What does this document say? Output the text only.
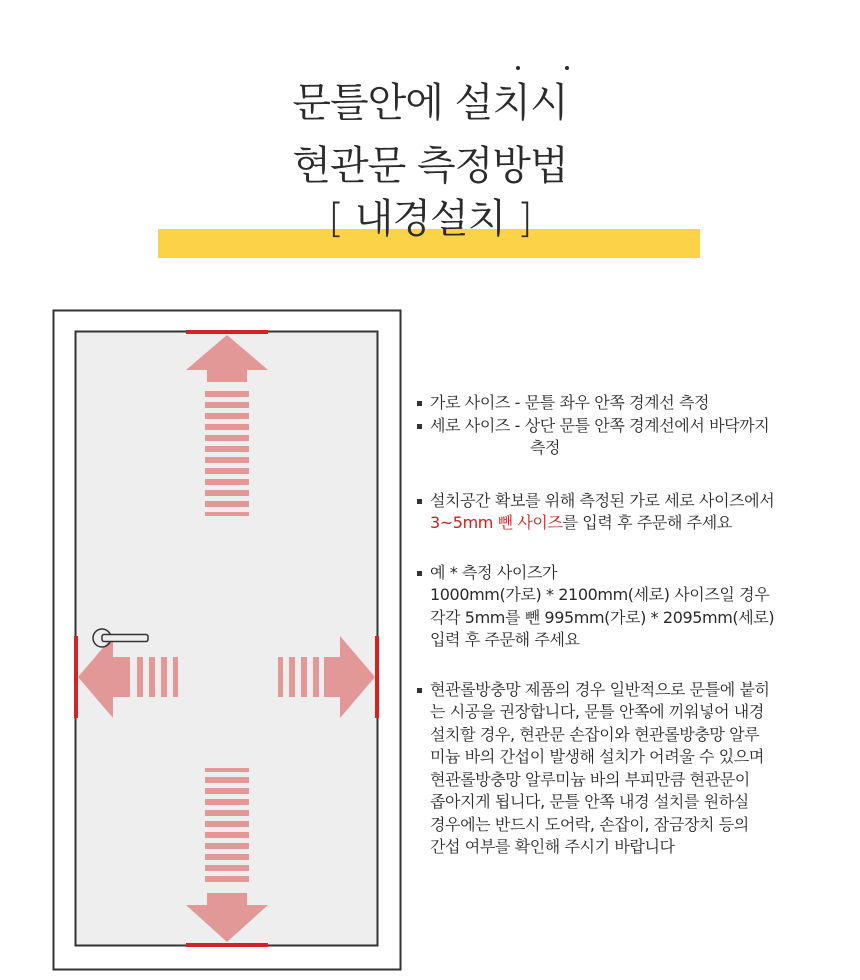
문틀안에 설치시
현관문 측정방법
[ 내경설치 ]
가로 사이즈 - 문틀 좌우 안쪽 경계선 측정
세로 사이즈 - 상단 문틀 안쪽 경계선에서 바닥까지
측정
설치공간 확보를 위해 측정된 가로 세로 사이즈에서
3~5mm 뺀 사이즈를 입력 후 주문해 주세요
예 * 측정 사이즈가
1000mm(가로) * 2100mm(세로) 사이즈일 경우
각각 5mm를 뺀 995mm(가로) * 2095mm(세로)
입력 후 주문해 주세요
현관롤방충망 제품의 경우 일반적으로 문틀에 붙히
는 시공을 권장합니다, 문틀 안쪽에 끼워넣어 내경
설치할 경우, 현관문 손잡이와 현관롤방충망 알루
미늄 바의 간섭이 발생해 설치가 어려울 수 있으며
현관롤방충망 알루미늄 바의 부피만큼 현관문이
좁아지게 됩니다, 문틀 안쪽 내경 설치를 원하실
경우에는 반드시 도어락, 손잡이, 잠금장치 등의
간섭 여부를 확인해 주시기 바랍니다
